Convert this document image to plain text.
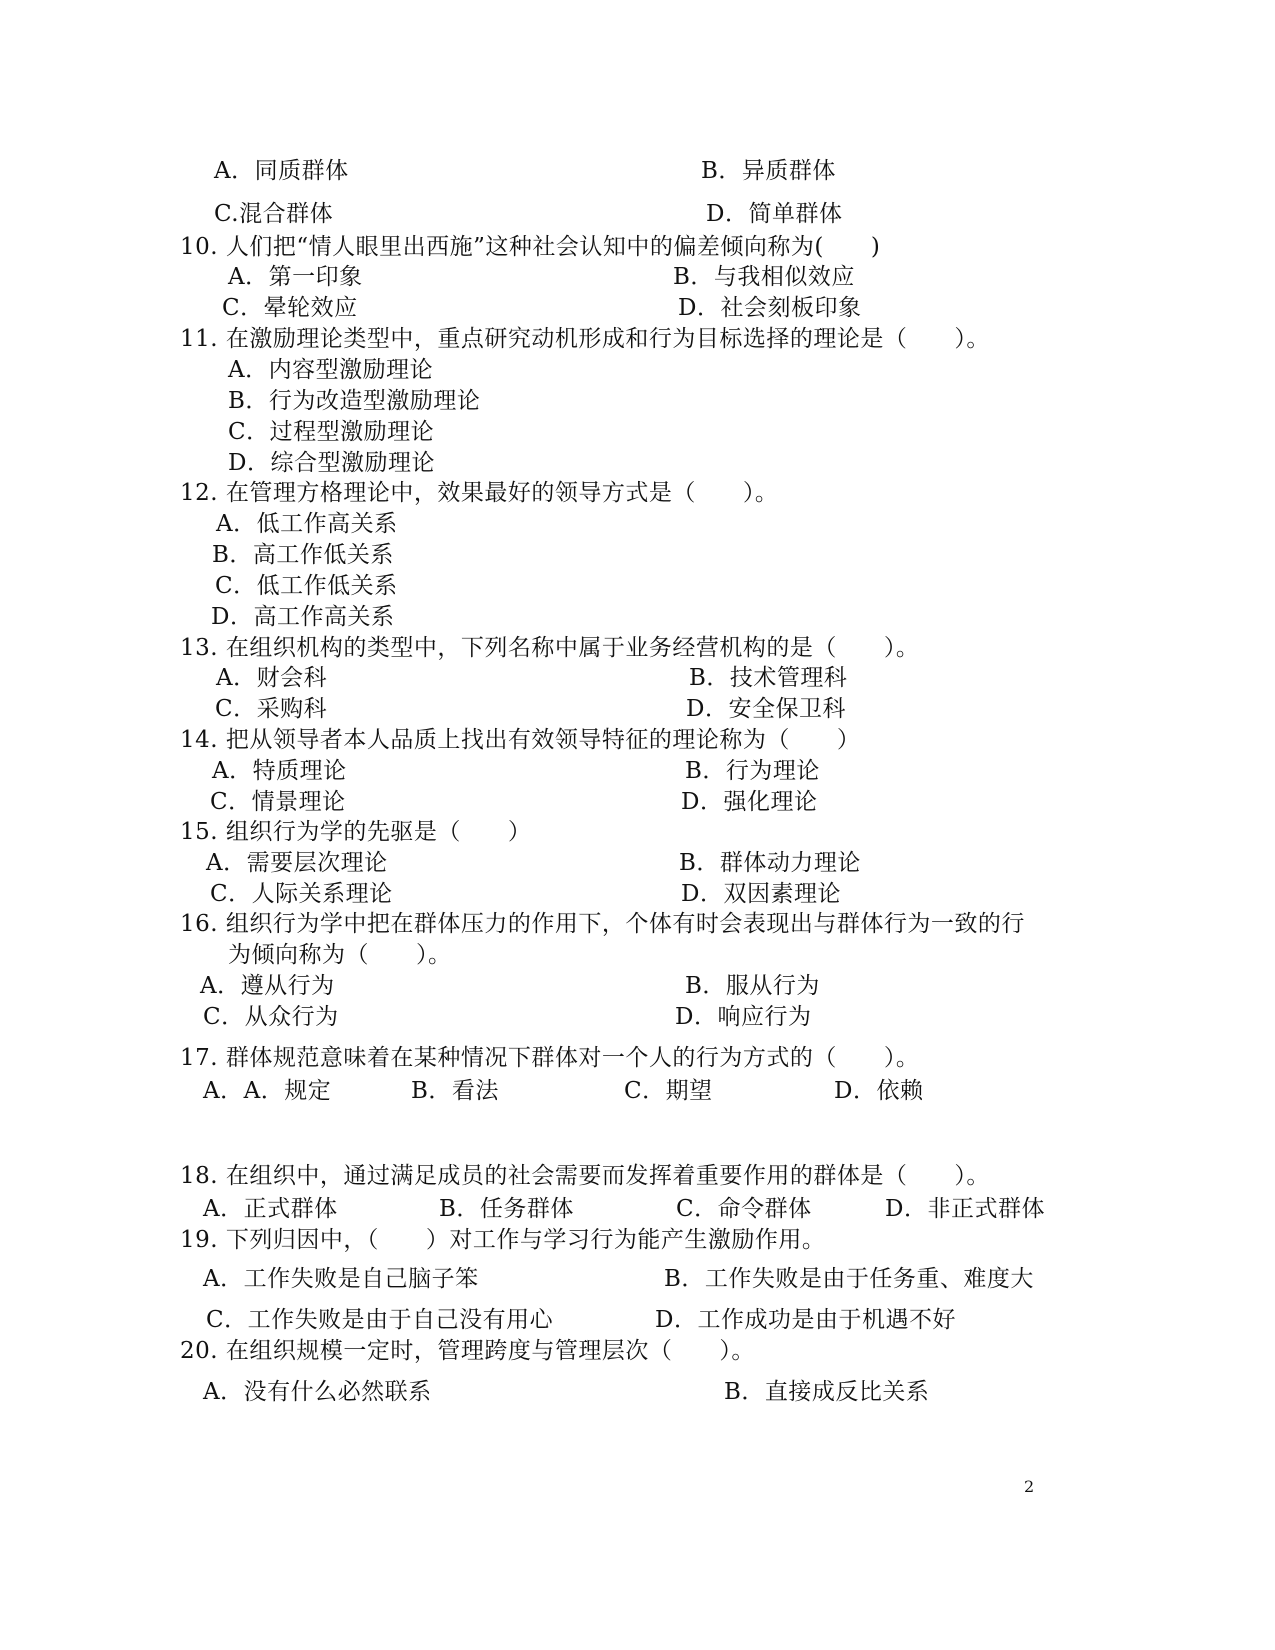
A．同质群体	B．异质群体
C.混合群体	D．简单群体
10. 人们把“情人眼里出西施”这种社会认知中的偏差倾向称为(　　)
A．第一印象	B．与我相似效应
C．晕轮效应	D．社会刻板印象
11. 在激励理论类型中，重点研究动机形成和行为目标选择的理论是（　　）。
A．内容型激励理论
B．行为改造型激励理论
C．过程型激励理论
D．综合型激励理论
12. 在管理方格理论中，效果最好的领导方式是（　　）。
A．低工作高关系
B．高工作低关系
C．低工作低关系
D．高工作高关系
13. 在组织机构的类型中，下列名称中属于业务经营机构的是（　　）。
A．财会科	B．技术管理科
C．采购科	D．安全保卫科
14. 把从领导者本人品质上找出有效领导特征的理论称为（　　）
A．特质理论	B．行为理论
C．情景理论	D．强化理论
15. 组织行为学的先驱是（　　）
A．需要层次理论	B．群体动力理论
C．人际关系理论	D．双因素理论
16. 组织行为学中把在群体压力的作用下，个体有时会表现出与群体行为一致的行
为倾向称为（　　）。
A．遵从行为	B．服从行为
C．从众行为	D．响应行为
17. 群体规范意味着在某种情况下群体对一个人的行为方式的（　　）。
A．A．规定	B．看法	C．期望	D．依赖
18. 在组织中，通过满足成员的社会需要而发挥着重要作用的群体是（　　）。
A．正式群体	B．任务群体	C．命令群体	D．非正式群体
19. 下列归因中，（　　）对工作与学习行为能产生激励作用。
A．工作失败是自己脑子笨	B．工作失败是由于任务重、难度大
C．工作失败是由于自己没有用心	D．工作成功是由于机遇不好
20. 在组织规模一定时，管理跨度与管理层次（　　）。
A．没有什么必然联系	B．直接成反比关系
2
